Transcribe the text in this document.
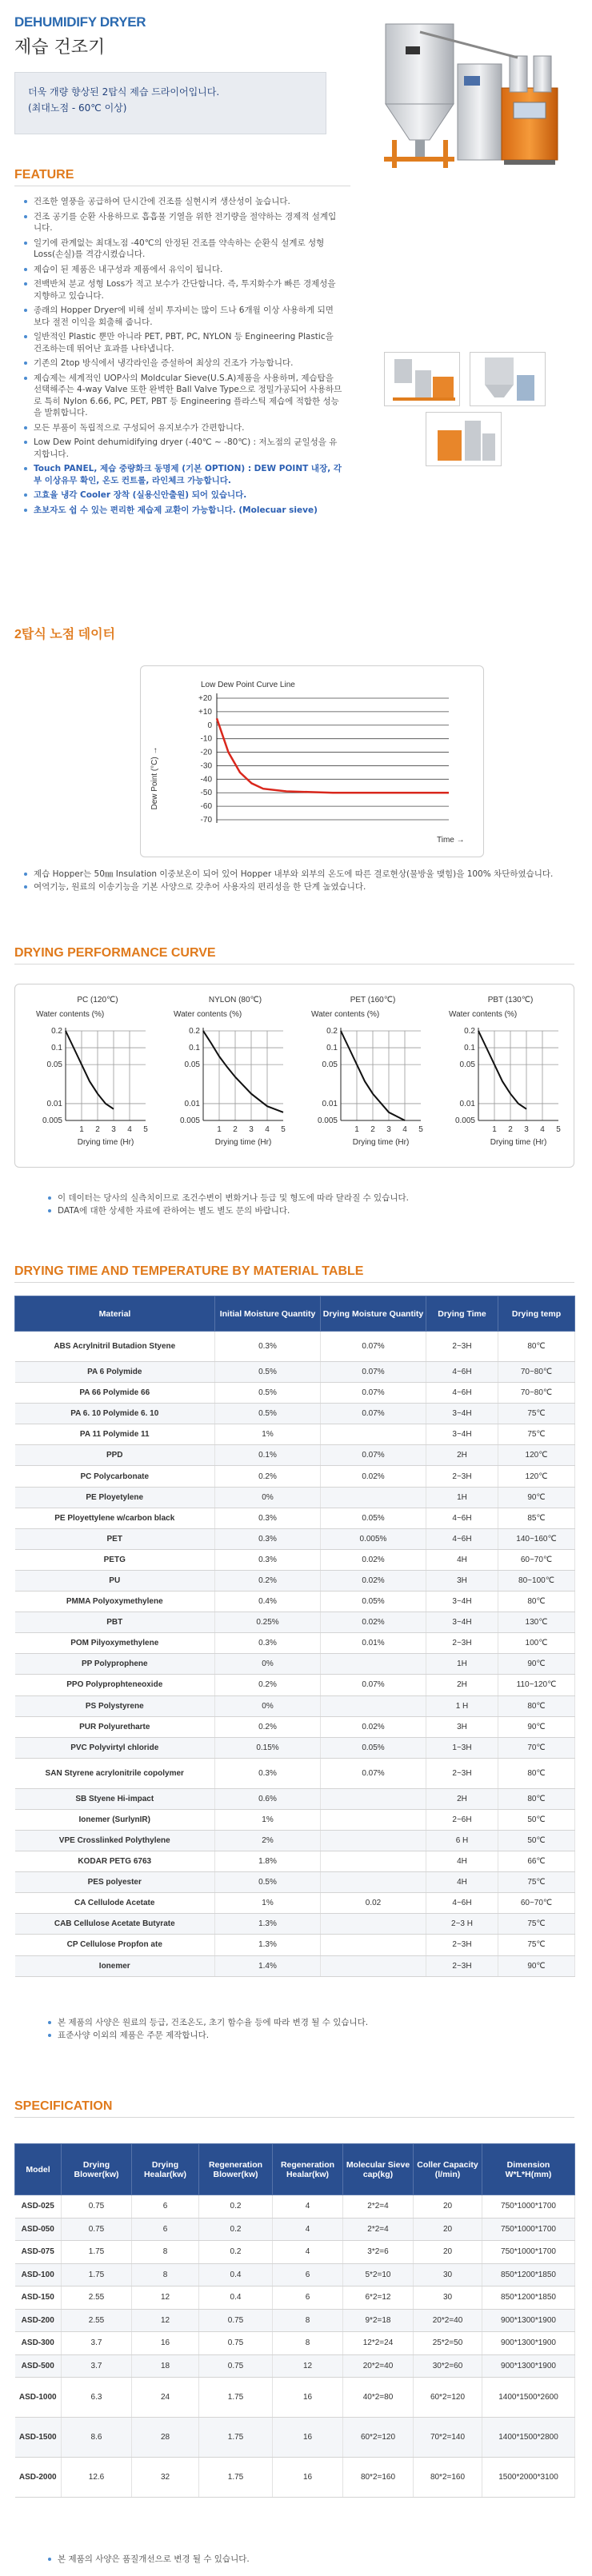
DEHUMIDIFY DRYER
제습 건조기
더욱 개량 향상된 2탑식 제습 드라이어입니다.
(최대노점 - 60℃ 이상)
FEATURE
건조한 열풍을 공급하여 단시간에 건조를 실현시켜 생산성이 높습니다.
건조 공기를 순환 사용하므로 흡흡물 기열을 위한 전기량을 절약하는 경제적 설계입니다.
일기에 관계없는 최대노점 -40℃의 안정된 건조를 약속하는 순환식 설계로 성형 Loss(손실)를 격감시켰습니다.
제습이 된 제품은 내구성과 제품에서 유익이 됩니다.
전백반처 분교 성형 Loss가 적고 보수가 간단합니다. 즉, 투지화수가 빠른 경제성을 지향하고 있습니다.
종래의 Hopper Dryer에 비해 설비 투자비는 많이 드나 6개월 이상 사용하게 되면 보다 절전 이익을 회출해 줍니다.
일반적인 Plastic 뿐만 아니라 PET, PBT, PC, NYLON 등 Engineering Plastic을 건조하는데 뛰어난 효과를 나타냅니다.
기존의 2top 방식에서 냉각라인을 증설하여 최상의 건조가 가능합니다.
제습제는 세계적인 UOP사의 Moldcular Sieve(U.S.A)제품을 사용하며, 제습탑을 선택해주는 4-way Valve 또한 완벽한 Ball Valve Type으로 정밀가공되어 사용하므로 특히 Nylon 6.66, PC, PET, PBT 등 Engineering 플라스틱 제습에 적합한 성능을 발휘합니다.
모든 부품이 독립적으로 구성되어 유지보수가 간편합니다.
Low Dew Point dehumidifying dryer (-40℃ ~ -80℃) : 저노점의 균일성을 유지합니다.
Touch PANEL, 제습 중량화크 동명제 (기본 OPTION) : DEW POINT 내장, 각부 이상유무 확인, 온도 컨트롤, 라인체크 가능합니다.
고효율 냉각 Cooler 장착 (실용신안출원) 되어 있습니다.
초보자도 쉽 수 있는 편리한 제습제 교환이 가능합니다. (Molecuar sieve)
2탑식 노점 데이터
Low Dew Point Curve Line
Dew Point (°C) →
Time →
+20
+10
0
-10
-20
-30
-40
-50
-60
-70
제습 Hopper는 50㎜ Insulation 이중보온이 되어 있어 Hopper 내부와 외부의 온도에 따른 결로현상(물방울 맺힘)을 100% 차단하였습니다.
여역기능, 원료의 이송기능을 기본 사양으로 갖추어 사용자의 편리성을 한 단계 높였습니다.
DRYING PERFORMANCE CURVE
PC (120℃)
Water contents (%)
0.2
0.1
0.05
0.01
0.005
1 2 3 4 5
Drying time (Hr)
NYLON (80℃)
Water contents (%)
0.2
0.1
0.05
0.01
0.005
1 2 3 4 5
Drying time (Hr)
PET (160℃)
Water contents (%)
0.2
0.1
0.05
0.01
0.005
1 2 3 4 5
Drying time (Hr)
PBT (130℃)
Water contents (%)
0.2
0.1
0.05
0.01
0.005
1 2 3 4 5
Drying time (Hr)
이 데이터는 당사의 실측치이므로 조건수변이 변화거나 등급 및 형도에 따라 달라질 수 있습니다.
DATA에 대한 상세한 자료에 관하여는 별도 별도 문의 바랍니다.
DRYING TIME AND TEMPERATURE BY MATERIAL TABLE
Material	Initial Moisture Quantity	Drying Moisture Quantity	Drying Time	Drying temp
ABS Acrylnitril Butadion Styene	0.3%	0.07%	2~3H	80℃
PA 6 Polymide	0.5%	0.07%	4~6H	70~80℃
PA 66 Polymide 66	0.5%	0.07%	4~6H	70~80℃
PA 6. 10 Polymide 6. 10	0.5%	0.07%	3~4H	75℃
PA 11 Polymide 11	1%		3~4H	75℃
PPD	0.1%	0.07%	2H	120℃
PC Polycarbonate	0.2%	0.02%	2~3H	120℃
PE Ployetylene	0%		1H	90℃
PE Ployettylene w/carbon black	0.3%	0.05%	4~6H	85℃
PET	0.3%	0.005%	4~6H	140~160℃
PETG	0.3%	0.02%	4H	60~70℃
PU	0.2%	0.02%	3H	80~100℃
PMMA Polyoxymethylene	0.4%	0.05%	3~4H	80℃
PBT	0.25%	0.02%	3~4H	130℃
POM Pilyoxymethylene	0.3%	0.01%	2~3H	100℃
PP Polyprophene	0%		1H	90℃
PPO Polyprophteneoxide	0.2%	0.07%	2H	110~120℃
PS Polystyrene	0%		1 H	80℃
PUR Polyuretharte	0.2%	0.02%	3H	90℃
PVC Polyvirtyl chloride	0.15%	0.05%	1~3H	70℃
SAN Styrene acrylonitrile copolymer	0.3%	0.07%	2~3H	80℃
SB Styene Hi-impact	0.6%		2H	80℃
Ionemer (SurlynIR)	1%		2~6H	50℃
VPE Crosslinked Polythylene	2%		6 H	50℃
KODAR PETG 6763	1.8%		4H	66℃
PES polyester	0.5%		4H	75℃
CA Cellulode Acetate	1%	0.02	4~6H	60~70℃
CAB Cellulose Acetate Butyrate	1.3%		2~3 H	75℃
CP Cellulose Propfon ate	1.3%		2~3H	75℃
Ionemer	1.4%		2~3H	90℃
본 제품의 사양은 원료의 등급, 건조온도, 초기 함수율 등에 따라 변경 될 수 있습니다.
표준사양 이외의 제품은 주문 제작합니다.
SPECIFICATION
Model	Drying Blower(kw)	Drying Healar(kw)	Regeneration Blower(kw)	Regeneration Healar(kw)	Molecular Sieve cap(kg)	Coller Capacity (l/min)	Dimension W*L*H(mm)
ASD-025	0.75	6	0.2	4	2*2=4	20	750*1000*1700
ASD-050	0.75	6	0.2	4	2*2=4	20	750*1000*1700
ASD-075	1.75	8	0.2	4	3*2=6	20	750*1000*1700
ASD-100	1.75	8	0.4	6	5*2=10	30	850*1200*1850
ASD-150	2.55	12	0.4	6	6*2=12	30	850*1200*1850
ASD-200	2.55	12	0.75	8	9*2=18	20*2=40	900*1300*1900
ASD-300	3.7	16	0.75	8	12*2=24	25*2=50	900*1300*1900
ASD-500	3.7	18	0.75	12	20*2=40	30*2=60	900*1300*1900
ASD-1000	6.3	24	1.75	16	40*2=80	60*2=120	1400*1500*2600
ASD-1500	8.6	28	1.75	16	60*2=120	70*2=140	1400*1500*2800
ASD-2000	12.6	32	1.75	16	80*2=160	80*2=160	1500*2000*3100
본 제품의 사양은 품질개선으로 변경 될 수 있습니다.
